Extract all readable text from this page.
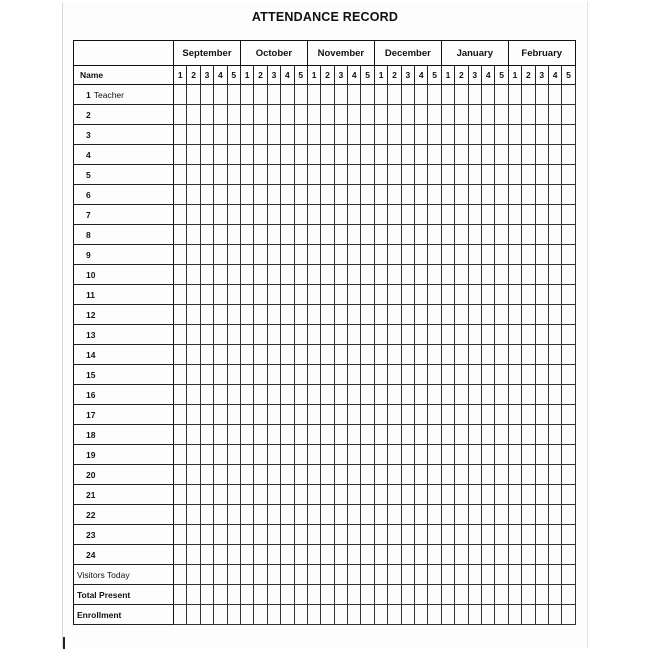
ATTENDANCE RECORD
	September					October					November					December					January					February				
Name	1	2	3	4	5	1	2	3	4	5	1	2	3	4	5	1	2	3	4	5	1	2	3	4	5	1	2	3	4	5
1 Teacher																														
2																														
3																														
4																														
5																														
6																														
7																														
8																														
9																														
10																														
11																														
12																														
13																														
14																														
15																														
16																														
17																														
18																														
19																														
20																														
21																														
22																														
23																														
24																														
Visitors Today																														
Total Present																														
Enrollment																														
